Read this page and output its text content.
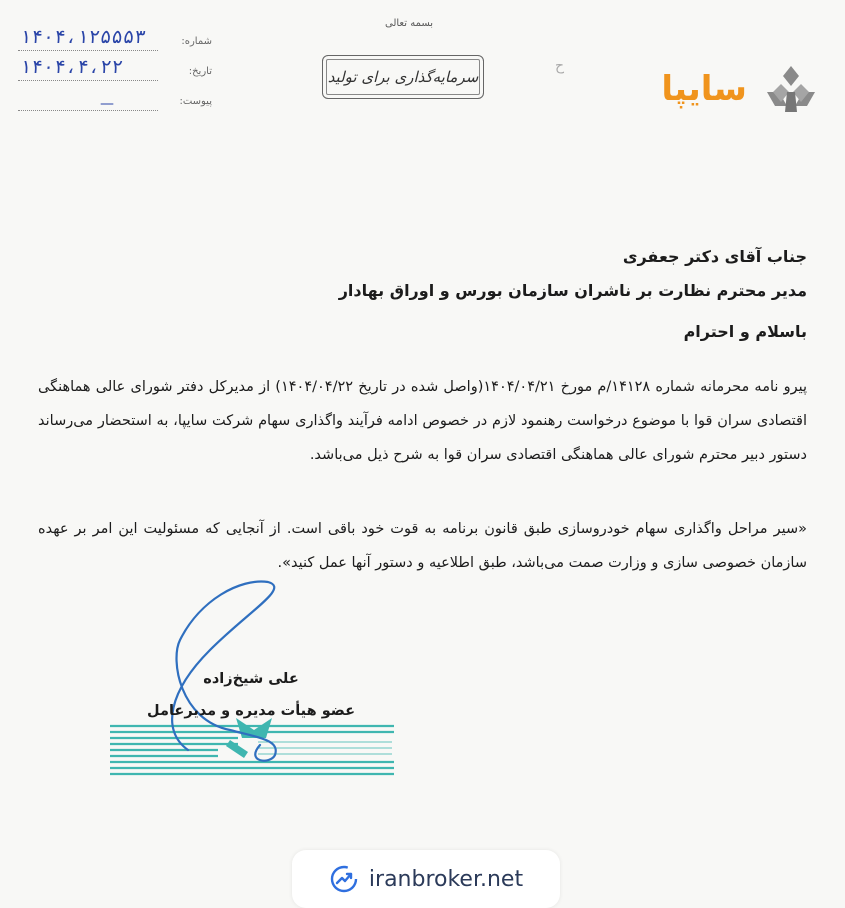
بسمه تعالی
سرمایه‌گذاری برای تولید
ح
سایپا
۱۴۰۴،۱۲۵۵۵۳	شماره:
۱۴۰۴،۴،۲۲	تاریخ:
—	پیوست:
جناب آقای دکتر جعفری
مدیر محترم نظارت بر ناشران سازمان بورس و اوراق بهادار
باسلام و احترام
پیرو نامه محرمانه شماره ۱۴۱۲۸/م مورخ ۱۴۰۴/۰۴/۲۱(واصل شده در تاریخ ۱۴۰۴/۰۴/۲۲) از مدیرکل دفتر شورای عالی هماهنگی اقتصادی سران قوا با موضوع درخواست رهنمود لازم در خصوص ادامه فرآیند واگذاری سهام شرکت سایپا، به استحضار می‌رساند دستور دبیر محترم شورای عالی هماهنگی اقتصادی سران قوا به شرح ذیل می‌باشد.
«سیر مراحل واگذاری سهام خودروسازی طبق قانون برنامه به قوت خود باقی است. از آنجایی که مسئولیت این امر بر عهده سازمان خصوصی سازی و وزارت صمت می‌باشد، طبق اطلاعیه و دستور آنها عمل کنید».
علی شیخ‌زاده
عضو هیأت مدیره و مدیرعامل
iranbroker.net
